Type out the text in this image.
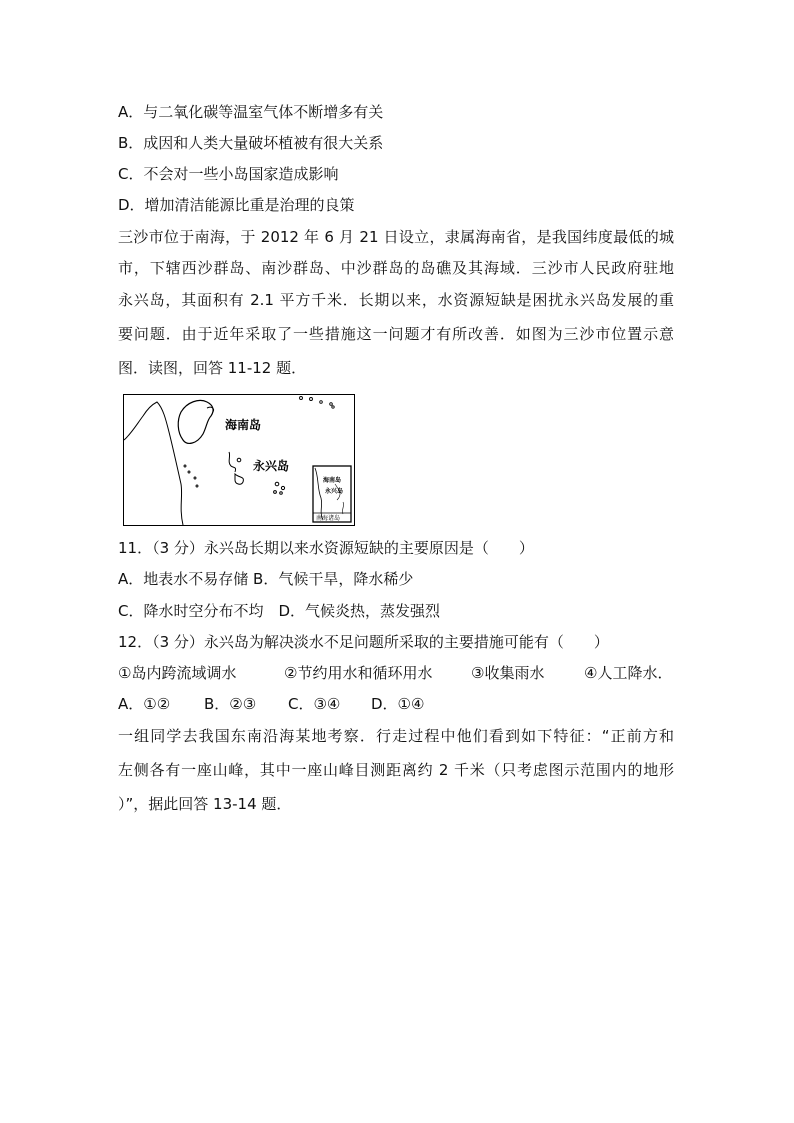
A．与二氧化碳等温室气体不断增多有关
B．成因和人类大量破坏植被有很大关系
C．不会对一些小岛国家造成影响
D．增加清洁能源比重是治理的良策
三沙市位于南海，于 2012 年 6 月 21 日设立，隶属海南省，是我国纬度最低的城
市，下辖西沙群岛、南沙群岛、中沙群岛的岛礁及其海域．三沙市人民政府驻地
永兴岛，其面积有 2.1 平方千米．长期以来，水资源短缺是困扰永兴岛发展的重
要问题．由于近年采取了一些措施这一问题才有所改善．如图为三沙市位置示意
图．读图，回答 11-12 题．
海南岛
永兴岛
海南岛
永兴岛
南海诸岛
11．（3 分）永兴岛长期以来水资源短缺的主要原因是（　　）
A．地表水不易存储 B．气候干旱，降水稀少
C．降水时空分布不均　D．气候炎热，蒸发强烈
12．（3 分）永兴岛为解决淡水不足问题所采取的主要措施可能有（　　）
①岛内跨流域调水	②节约用水和循环用水	③收集雨水	④人工降水．
A．①② B．②③ C．③④ D．①④
一组同学去我国东南沿海某地考察．行走过程中他们看到如下特征：“正前方和
左侧各有一座山峰，其中一座山峰目测距离约 2 千米（只考虑图示范围内的地形
）”，据此回答 13-14 题．
